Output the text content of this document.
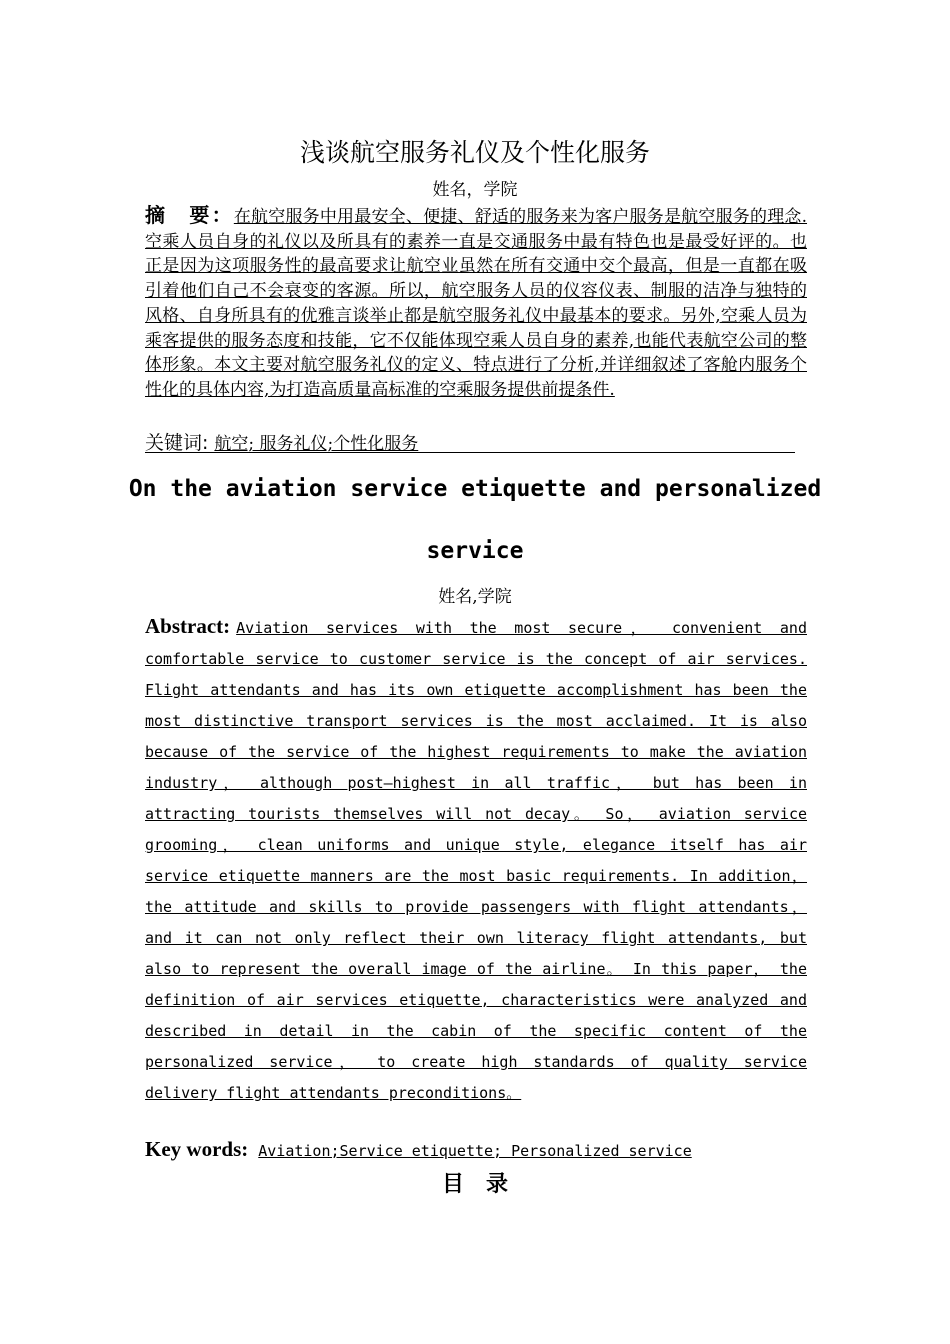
浅谈航空服务礼仪及个性化服务
姓名，学院
摘　要：在航空服务中用最安全、便捷、舒适的服务来为客户服务是航空服务的理念.空乘人员自身的礼仪以及所具有的素养一直是交通服务中最有特色也是最受好评的。也正是因为这项服务性的最高要求让航空业虽然在所有交通中交个最高，但是一直都在吸引着他们自己不会衰变的客源。所以，航空服务人员的仪容仪表、制服的洁净与独特的风格、自身所具有的优雅言谈举止都是航空服务礼仪中最基本的要求。另外,空乘人员为乘客提供的服务态度和技能，它不仅能体现空乘人员自身的素养,也能代表航空公司的整体形象。本文主要对航空服务礼仪的定义、特点进行了分析,并详细叙述了客舱内服务个性化的具体内容,为打造高质量高标准的空乘服务提供前提条件.
关键词: 航空; 服务礼仪;个性化服务
On the aviation service etiquette and personalized
service
姓名,学院
Abstract: Aviation services with the most secure， convenient and comfortable service to customer service is the concept of air services. Flight attendants and has its own etiquette accomplishment has been the most distinctive transport services is the most acclaimed. It is also because of the service of the highest requirements to make the aviation industry， although post—highest in all traffic， but has been in attracting tourists themselves will not decay。 So， aviation service grooming， clean uniforms and unique style, elegance itself has air service etiquette manners are the most basic requirements. In addition， the attitude and skills to provide passengers with flight attendants， and it can not only reflect their own literacy flight attendants, but also to represent the overall image of the airline。 In this paper， the definition of air services etiquette, characteristics were analyzed and described in detail in the cabin of the specific content of the personalized service， to create high standards of quality service delivery flight attendants preconditions。
Key words: Aviation;Service etiquette; Personalized service
目录
